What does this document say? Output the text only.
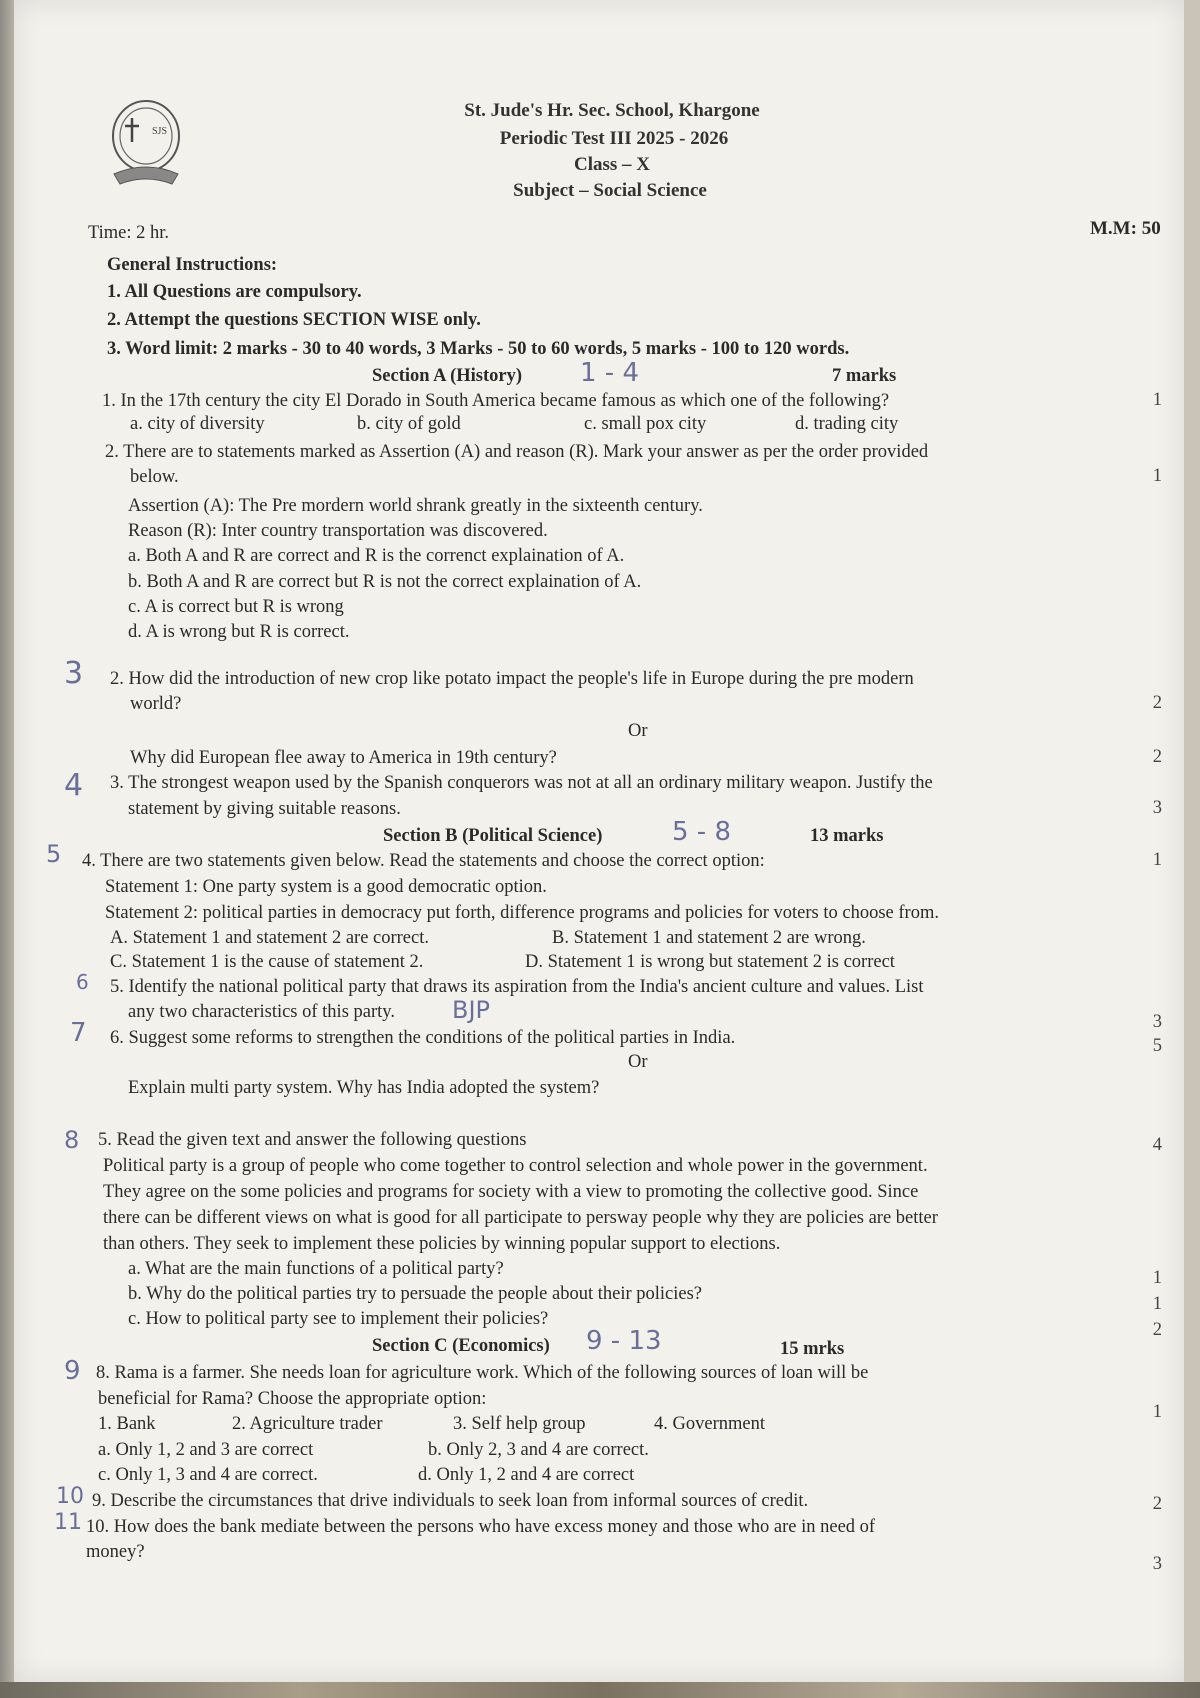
SJS
St. Jude's Hr. Sec. School, Khargone
Periodic Test III 2025 - 2026
Class – X
Subject – Social Science
Time: 2 hr.	M.M: 50
General Instructions:
1. All Questions are compulsory.
2. Attempt the questions SECTION WISE only.
3. Word limit: 2 marks - 30 to 40 words, 3 Marks - 50 to 60 words, 5 marks - 100 to 120 words.
Section A (History) 1 - 4	7 marks
1. In the 17th century the city El Dorado in South America became famous as which one of the following?	1
a. city of diversity	b. city of gold	c. small pox city	d. trading city
2. There are to statements marked as Assertion (A) and reason (R). Mark your answer as per the order provided
below.	1
Assertion (A): The Pre mordern world shrank greatly in the sixteenth century.
Reason (R): Inter country transportation was discovered.
a. Both A and R are correct and R is the correnct explaination of A.
b. Both A and R are correct but R is not the correct explaination of A.
c. A is correct but R is wrong
d. A is wrong but R is correct.
3 2. How did the introduction of new crop like potato impact the people's life in Europe during the pre modern
world?	2
Or
Why did European flee away to America in 19th century?	2
4 3. The strongest weapon used by the Spanish conquerors was not at all an ordinary military weapon. Justify the
statement by giving suitable reasons.	3
Section B (Political Science)	5 - 8	13 marks
5 4. There are two statements given below. Read the statements and choose the correct option:	1
Statement 1: One party system is a good democratic option.
Statement 2: political parties in democracy put forth, difference programs and policies for voters to choose from.
A. Statement 1 and statement 2 are correct.	B. Statement 1 and statement 2 are wrong.
C. Statement 1 is the cause of statement 2.	D. Statement 1 is wrong but statement 2 is correct
6 5. Identify the national political party that draws its aspiration from the India's ancient culture and values. List
any two characteristics of this party. BJP	3
7 6. Suggest some reforms to strengthen the conditions of the political parties in India.	5
Or
Explain multi party system. Why has India adopted the system?
8 5. Read the given text and answer the following questions	4
Political party is a group of people who come together to control selection and whole power in the government.
They agree on the some policies and programs for society with a view to promoting the collective good. Since
there can be different views on what is good for all participate to persway people why they are policies are better
than others. They seek to implement these policies by winning popular support to elections.
a. What are the main functions of a political party?	1
b. Why do the political parties try to persuade the people about their policies?	1
c. How to political party see to implement their policies?
2
Section C (Economics) 9 - 13	15 mrks
9 8. Rama is a farmer. She needs loan for agriculture work. Which of the following sources of loan will be
beneficial for Rama? Choose the appropriate option:
1
1. Bank	2. Agriculture trader	3. Self help group	4. Government
a. Only 1, 2 and 3 are correct	b. Only 2, 3 and 4 are correct.
c. Only 1, 3 and 4 are correct.	d. Only 1, 2 and 4 are correct
10 9. Describe the circumstances that drive individuals to seek loan from informal sources of credit.	2
11 10. How does the bank mediate between the persons who have excess money and those who are in need of
money?
3
